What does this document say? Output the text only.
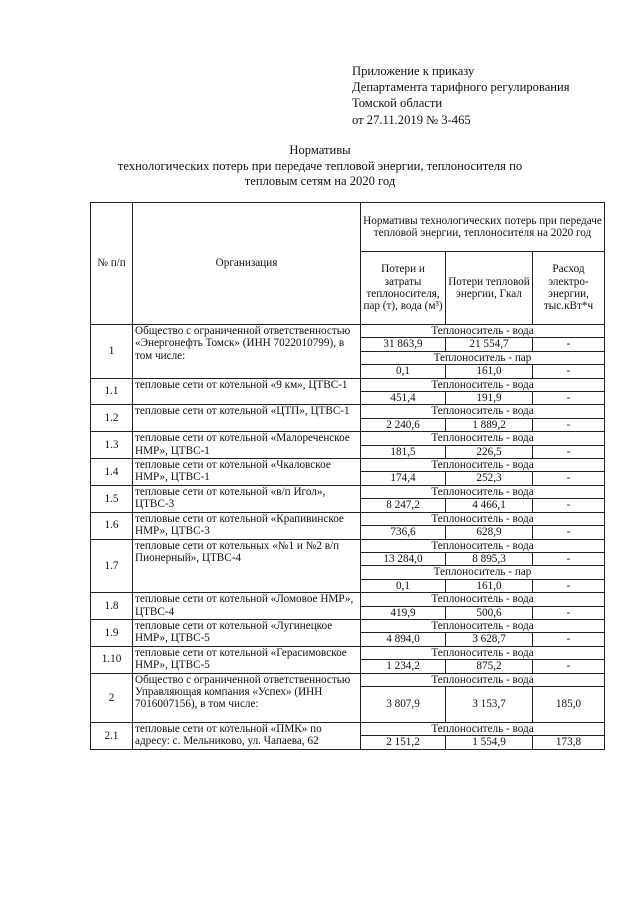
Приложение к приказу
Департамента тарифного регулирования
Томской области
от 27.11.2019 № 3-465
Нормативы
технологических потерь при передаче тепловой энергии, теплоносителя по
тепловым сетям на 2020 год
№ п/п	Организация	Нормативы технологических потерь при передаче тепловой энергии, теплоносителя на 2020 год		
		Потери и затраты теплоносителя, пар (т), вода (м³)	Потери тепловой энергии, Гкал	Расход электро-энергии, тыс.кВт*ч
1	Общество с ограниченной ответственностью «Энергонефть Томск» (ИНН 7022010799), в том числе:	Теплоноситель - вода		
		31 863,9	21 554,7	-
		Теплоноситель - пар		
		0,1	161,0	-
1.1	тепловые сети от котельной «9 км», ЦТВС-1	Теплоноситель - вода		
		451,4	191,9	-
1.2	тепловые сети от котельной «ЦТП», ЦТВС-1	Теплоноситель - вода		
		2 240,6	1 889,2	-
1.3	тепловые сети от котельной «Малореченское НМР», ЦТВС-1	Теплоноситель - вода		
		181,5	226,5	-
1.4	тепловые сети от котельной «Чкаловское НМР», ЦТВС-1	Теплоноситель - вода		
		174,4	252,3	-
1.5	тепловые сети от котельной «в/п Игол», ЦТВС-3	Теплоноситель - вода		
		8 247,2	4 466,1	-
1.6	тепловые сети от котельной «Крапивинское НМР», ЦТВС-3	Теплоноситель - вода		
		736,6	628,9	-
1.7	тепловые сети от котельных «№1 и №2 в/п Пионерный», ЦТВС-4	Теплоноситель - вода		
		13 284,0	8 895,3	-
		Теплоноситель - пар		
		0,1	161,0	-
1.8	тепловые сети от котельной «Ломовое НМР», ЦТВС-4	Теплоноситель - вода		
		419,9	500,6	-
1.9	тепловые сети от котельной «Лугинецкое НМР», ЦТВС-5	Теплоноситель - вода		
		4 894,0	3 628,7	-
1.10	тепловые сети от котельной «Герасимовское НМР», ЦТВС-5	Теплоноситель - вода		
		1 234,2	875,2	-
2	Общество с ограниченной ответственностью Управляющая компания «Успех» (ИНН 7016007156), в том числе:	Теплоноситель - вода		
		3 807,9	3 153,7	185,0
2.1	тепловые сети от котельной «ПМК» по адресу: с. Мельниково, ул. Чапаева, 62	Теплоноситель - вода		
		2 151,2	1 554,9	173,8
